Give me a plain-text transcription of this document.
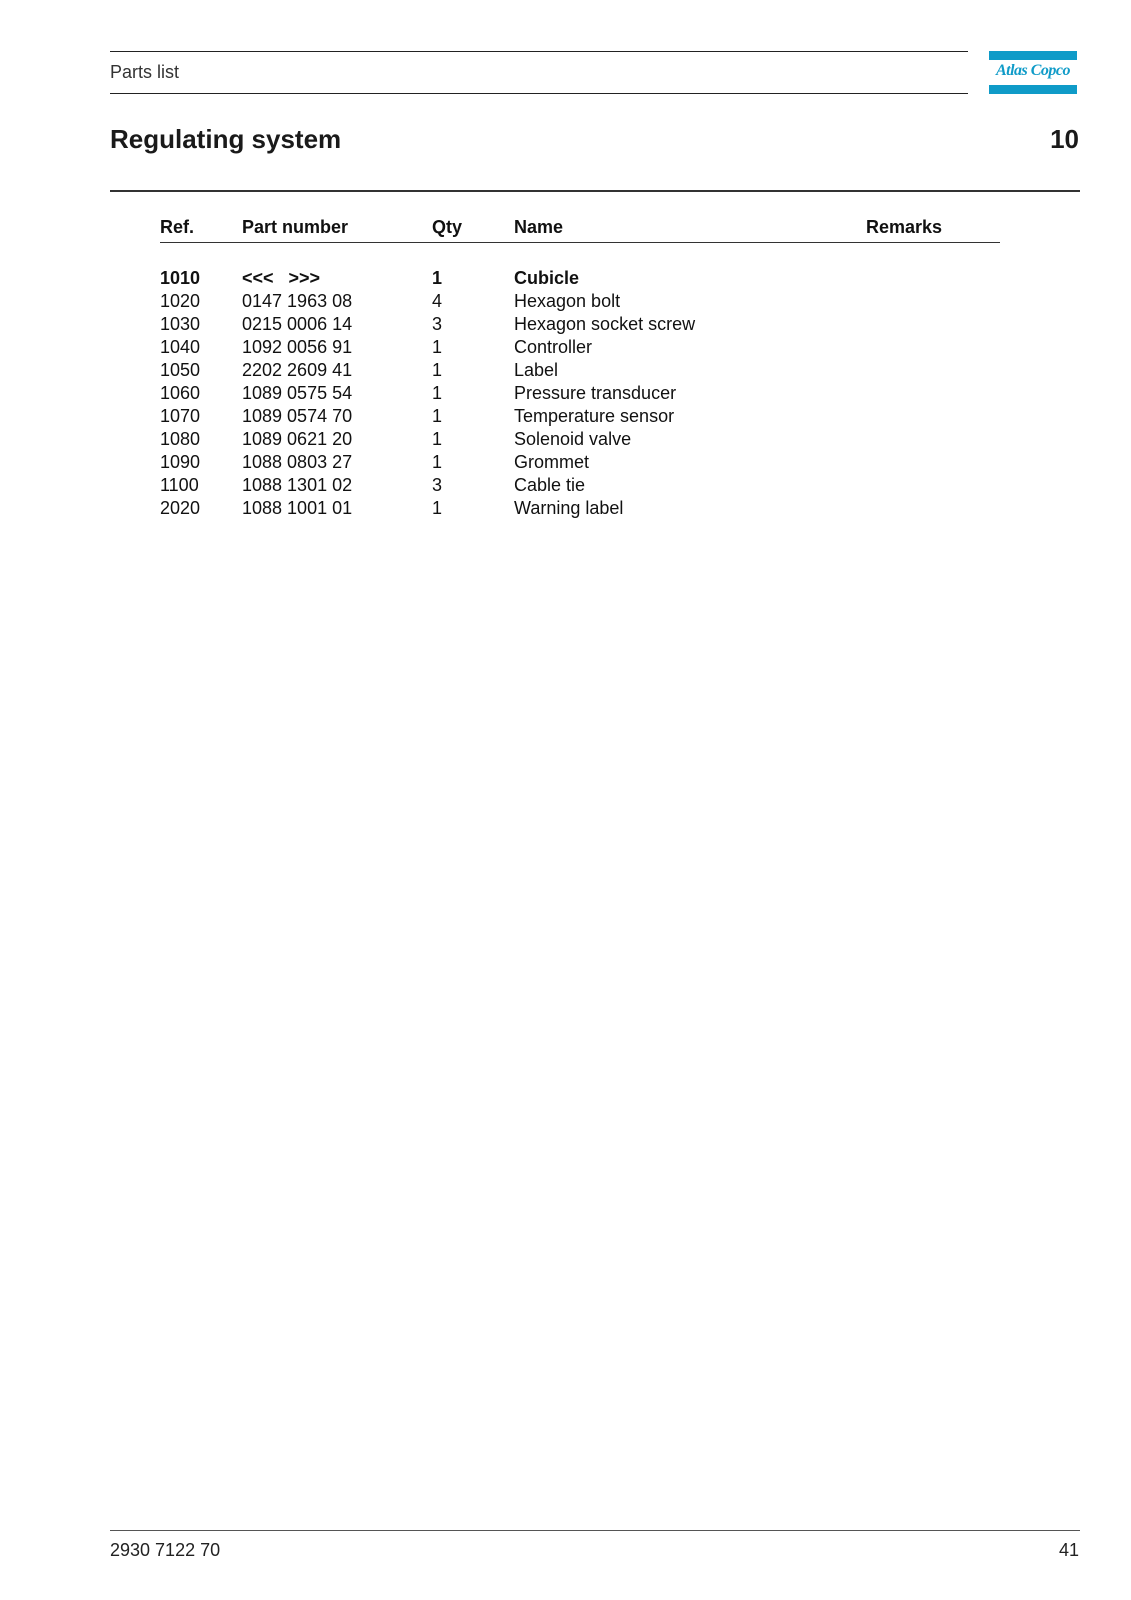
Parts list	Atlas Copco
Regulating system	10
Ref.	Part number	Qty	Name	Remarks

1010	<<<   >>>	1	Cubicle	
1020	0147 1963 08	4	Hexagon bolt	
1030	0215 0006 14	3	Hexagon socket screw	
1040	1092 0056 91	1	Controller	
1050	2202 2609 41	1	Label	
1060	1089 0575 54	1	Pressure transducer	
1070	1089 0574 70	1	Temperature sensor	
1080	1089 0621 20	1	Solenoid valve	
1090	1088 0803 27	1	Grommet	
1100	1088 1301 02	3	Cable tie	
2020	1088 1001 01	1	Warning label	
2930 7122 70	41
